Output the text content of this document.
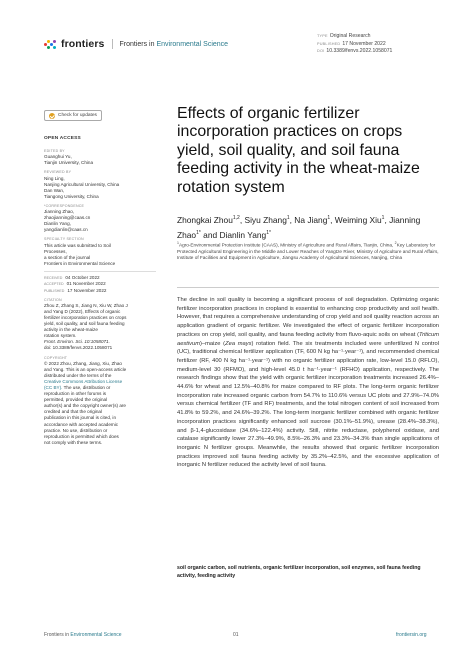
frontiers Frontiers in Environmental Science
TYPE Original Research
PUBLISHED 17 November 2022
DOI 10.3389/fenvs.2022.1058071
Check for updates
OPEN ACCESS
EDITED BY
Guanghui Yu,
Tianjin University, China
REVIEWED BY
Ning Ling,
Nanjing Agricultural University, China
Dan Wan,
Tiangong University, China
*CORRESPONDENCE
Jianning Zhao,
zhaojianning@caas.cn
Dianlin Yang,
yangdianlin@caas.cn
SPECIALTY SECTION
This article was submitted to Soil
Processes,
a section of the journal
Frontiers in Environmental Science
RECEIVED 04 October 2022
ACCEPTED 01 November 2022
PUBLISHED 17 November 2022
CITATION
Zhou Z, Zhang S, Jiang N, Xiu W, Zhao J
and Yang D (2022), Effects of organic
fertilizer incorporation practices on crops
yield, soil quality, and soil fauna feeding
activity in the wheat-maize
rotation system.
Front. Environ. Sci. 10:1058071.
doi: 10.3389/fenvs.2022.1058071
COPYRIGHT
© 2022 Zhou, Zhang, Jiang, Xiu, Zhao
and Yang. This is an open-access article
distributed under the terms of the
Creative Commons Attribution License
(CC BY). The use, distribution or
reproduction in other forums is
permitted, provided the original
author(s) and the copyright owner(s) are
credited and that the original
publication in this journal is cited, in
accordance with accepted academic
practice. No use, distribution or
reproduction is permitted which does
not comply with these terms.
Effects of organic fertilizer incorporation practices on crops yield, soil quality, and soil fauna feeding activity in the wheat-maize rotation system
Zhongkai Zhou$^{1,2}$, Siyu Zhang$^1$, Na Jiang$^1$, Weiming Xiu$^1$, Jianning Zhao$^{1*}$ and Dianlin Yang$^{1*}$
$^1$Agro-Environmental Protection Institute (CAAS), Ministry of Agriculture and Rural Affairs, Tianjin, China, $^2$Key Laboratory for Protected Agricultural Engineering in the Middle and Lower Reaches of Yangtze River, Ministry of Agriculture and Rural Affairs, Institute of Facilities and Equipment in Agriculture, Jiangsu Academy of Agricultural Sciences, Nanjing, China
The decline in soil quality is becoming a significant process of soil degradation. Optimizing organic fertilizer incorporation practices in cropland is essential to enhancing crop productivity and soil health. However, that requires a comprehensive understanding of crop yield and soil quality reaction across an application gradient of organic fertilizer. We investigated the effect of organic fertilizer incorporation practices on crop yield, soil quality, and fauna feeding activity from fluvo-aquic soils on wheat (Triticum aestivum)–maize (Zea mays) rotation field. The six treatments included were unfertilized N control (UC), traditional chemical fertilizer application (TF, 600 N kg ha⁻¹·year⁻¹), and recommended chemical fertilizer (RF, 400 N kg ha⁻¹·year⁻¹) with no organic fertilizer application rate, low-level 15.0 (RFLO), medium-level 30 (RFMO), and high-level 45.0 t ha⁻¹·year⁻¹ (RFHO) application, respectively. The research findings show that the yield with organic fertilizer incorporation treatments increased 26.4%–44.6% for wheat and 12.5%–40.8% for maize compared to RF plots. The long-term organic fertilizer incorporation rate increased organic carbon from 54.7% to 110.6% versus UC plots and 27.9%–74.0% versus chemical fertilizer (TF and RF) treatments, and the total nitrogen content of soil increased from 41.8% to 59.2%, and 24.6%–39.2%. The long-term inorganic fertilizer combined with organic fertilizer incorporation practices significantly enhanced soil sucrose (30.1%–51.9%), urease (28.4%–38.3%), and β-1,4-glucosidase (34.6%–122.4%) activity. Still, nitrite reductase, polyphenol oxidase, and catalase significantly lower 27.3%–49.9%, 8.5%–26.3% and 23.3%–34.3% than single applications of inorganic N fertilizer groups. Meanwhile, the results showed that organic fertilizer incorporation practices improved soil fauna feeding activity by 35.2%–42.5%, and the excessive application of inorganic N fertilizer reduced the activity level of soil fauna.
soil organic carbon, soil nutrients, organic fertilizer incorporation, soil enzymes, soil fauna feeding activity, feeding activity
Frontiers in Environmental Science	01	frontiersin.org
